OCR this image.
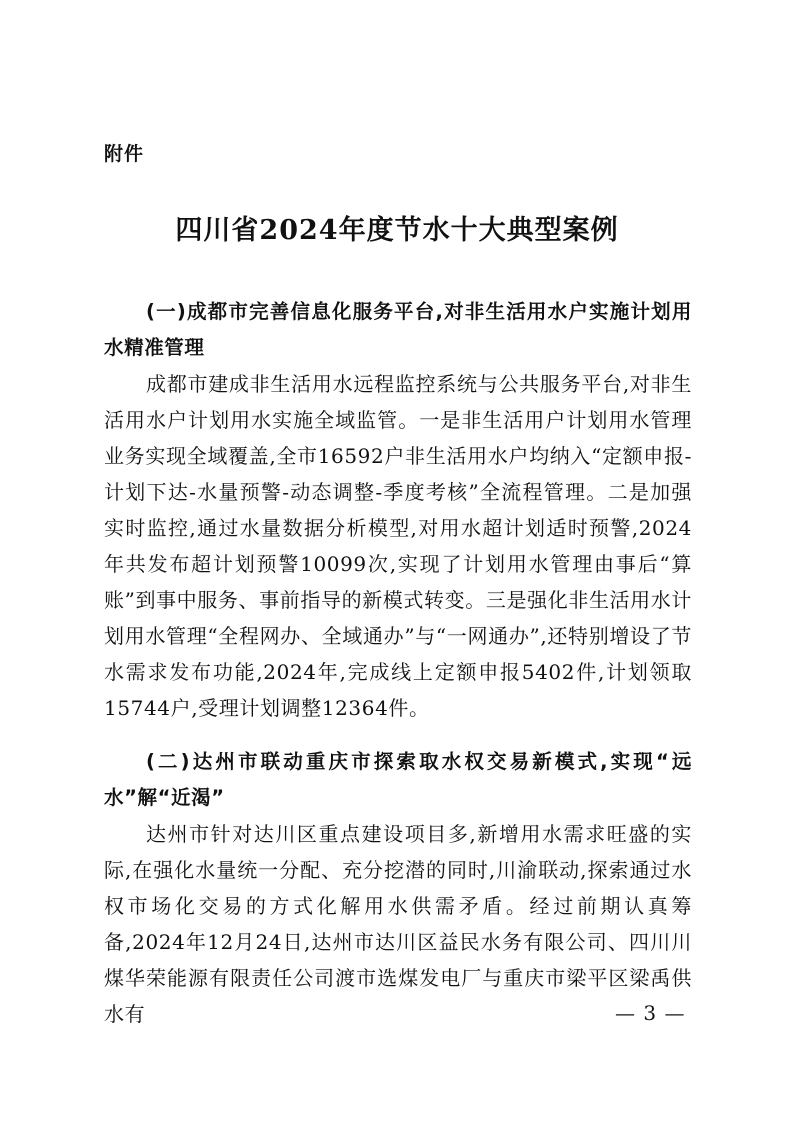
附件
四川省2024年度节水十大典型案例
(一)成都市完善信息化服务平台,对非生活用水户实施计划用水精准管理
成都市建成非生活用水远程监控系统与公共服务平台,对非生活用水户计划用水实施全域监管。一是非生活用户计划用水管理业务实现全域覆盖,全市16592户非生活用水户均纳入“定额申报-计划下达-水量预警-动态调整-季度考核”全流程管理。二是加强实时监控,通过水量数据分析模型,对用水超计划适时预警,2024年共发布超计划预警10099次,实现了计划用水管理由事后“算账”到事中服务、事前指导的新模式转变。三是强化非生活用水计划用水管理“全程网办、全域通办”与“一网通办”,还特别增设了节水需求发布功能,2024年,完成线上定额申报5402件,计划领取15744户,受理计划调整12364件。
(二)达州市联动重庆市探索取水权交易新模式,实现“远水”解“近渴”
达州市针对达川区重点建设项目多,新增用水需求旺盛的实际,在强化水量统一分配、充分挖潜的同时,川渝联动,探索通过水权市场化交易的方式化解用水供需矛盾。经过前期认真筹备,2024年12月24日,达州市达川区益民水务有限公司、四川川煤华荣能源有限责任公司渡市选煤发电厂与重庆市梁平区梁禹供水有	— 3 —
